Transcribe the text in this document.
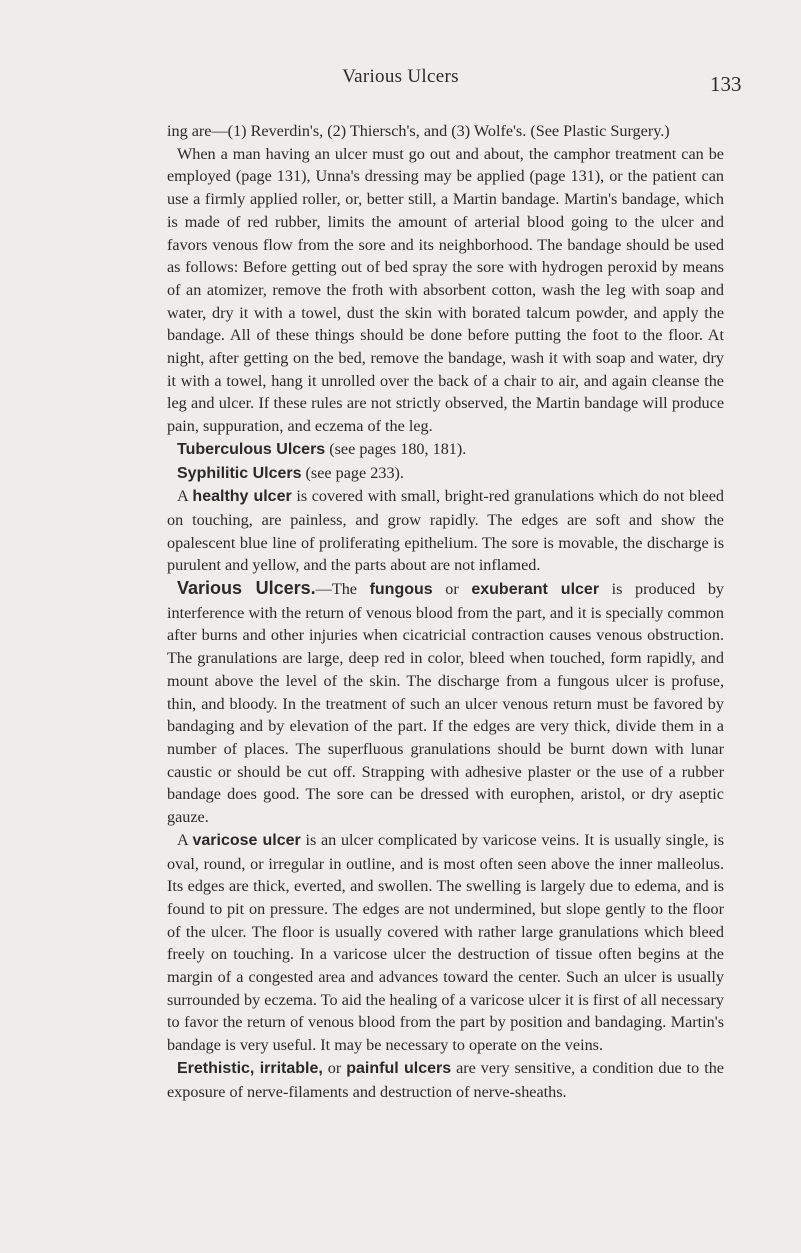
Various Ulcers	133

ing are—(1) Reverdin's, (2) Thiersch's, and (3) Wolfe's. (See Plastic Surgery.)

When a man having an ulcer must go out and about, the camphor treatment can be employed (page 131), Unna's dressing may be applied (page 131), or the patient can use a firmly applied roller, or, better still, a Martin bandage. Martin's bandage, which is made of red rubber, limits the amount of arterial blood going to the ulcer and favors venous flow from the sore and its neighborhood. The bandage should be used as follows: Before getting out of bed spray the sore with hydrogen peroxid by means of an atomizer, remove the froth with absorbent cotton, wash the leg with soap and water, dry it with a towel, dust the skin with borated talcum powder, and apply the bandage. All of these things should be done before putting the foot to the floor. At night, after getting on the bed, remove the bandage, wash it with soap and water, dry it with a towel, hang it unrolled over the back of a chair to air, and again cleanse the leg and ulcer. If these rules are not strictly observed, the Martin bandage will produce pain, suppuration, and eczema of the leg.

Tuberculous Ulcers (see pages 180, 181).

Syphilitic Ulcers (see page 233).

A healthy ulcer is covered with small, bright-red granulations which do not bleed on touching, are painless, and grow rapidly. The edges are soft and show the opalescent blue line of proliferating epithelium. The sore is movable, the discharge is purulent and yellow, and the parts about are not inflamed.

Various Ulcers.—The fungous or exuberant ulcer is produced by interference with the return of venous blood from the part, and it is specially common after burns and other injuries when cicatricial contraction causes venous obstruction. The granulations are large, deep red in color, bleed when touched, form rapidly, and mount above the level of the skin. The discharge from a fungous ulcer is profuse, thin, and bloody. In the treatment of such an ulcer venous return must be favored by bandaging and by elevation of the part. If the edges are very thick, divide them in a number of places. The superfluous granulations should be burnt down with lunar caustic or should be cut off. Strapping with adhesive plaster or the use of a rubber bandage does good. The sore can be dressed with europhen, aristol, or dry aseptic gauze.

A varicose ulcer is an ulcer complicated by varicose veins. It is usually single, is oval, round, or irregular in outline, and is most often seen above the inner malleolus. Its edges are thick, everted, and swollen. The swelling is largely due to edema, and is found to pit on pressure. The edges are not undermined, but slope gently to the floor of the ulcer. The floor is usually covered with rather large granulations which bleed freely on touching. In a varicose ulcer the destruction of tissue often begins at the margin of a congested area and advances toward the center. Such an ulcer is usually surrounded by eczema. To aid the healing of a varicose ulcer it is first of all necessary to favor the return of venous blood from the part by position and bandaging. Martin's bandage is very useful. It may be necessary to operate on the veins.

Erethistic, irritable, or painful ulcers are very sensitive, a condition due to the exposure of nerve-filaments and destruction of nerve-sheaths.
